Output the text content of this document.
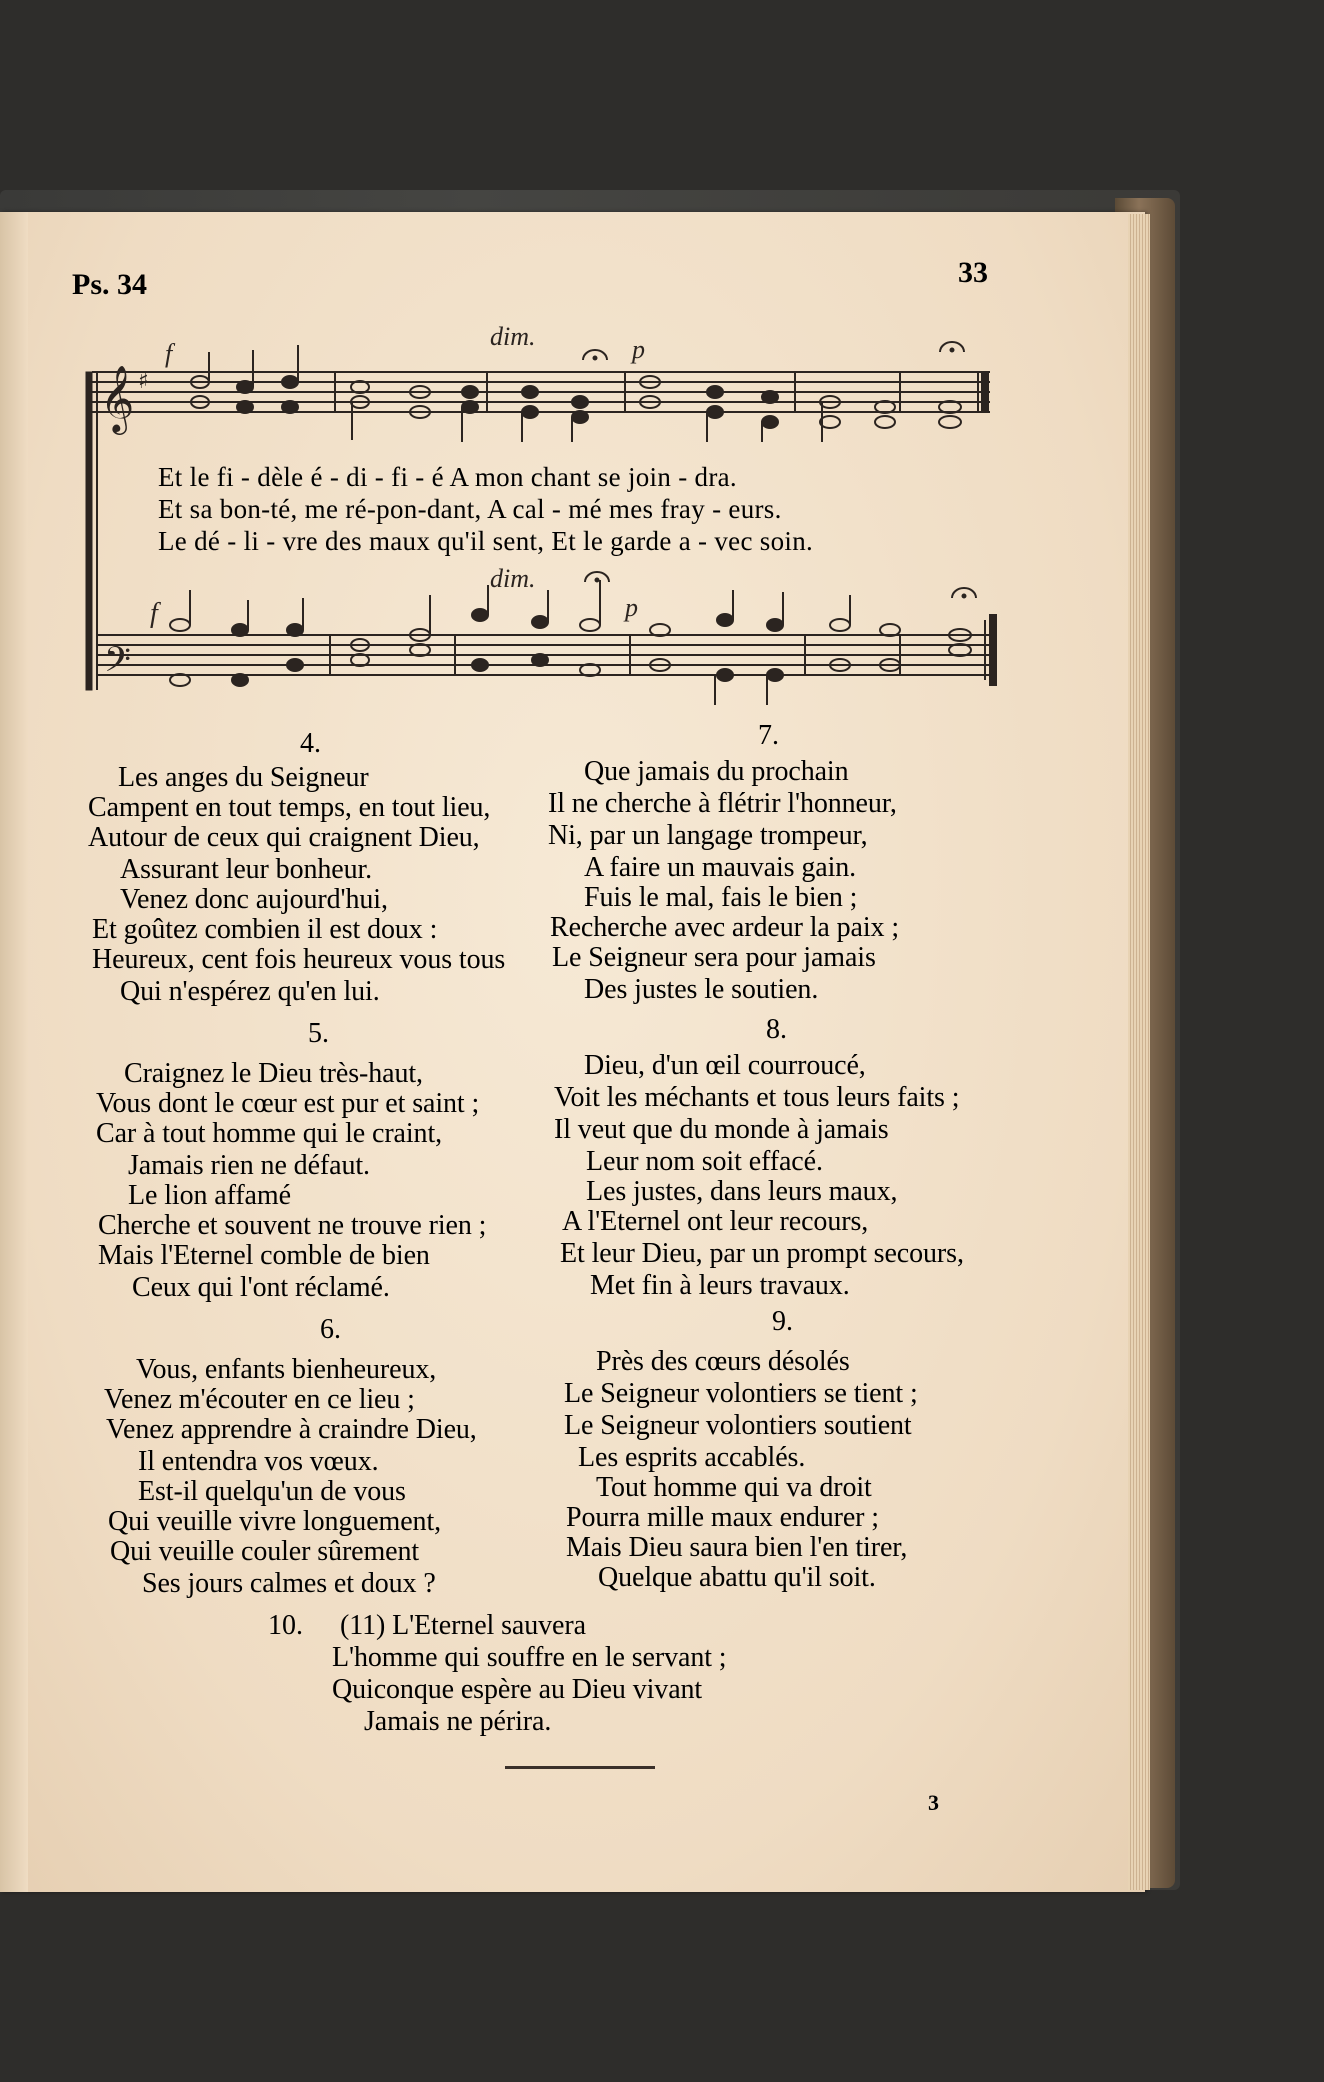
Ps. 34	33
𝄞 ♯
𝄢
f
dim.	p
f
dim.
p
Et le fi - dèle é - di - fi - é A mon chant se join - dra.
Et sa bon-té, me ré-pon-dant, A cal - mé mes fray - eurs.
Le dé - li - vre des maux qu'il sent, Et le garde a - vec soin.
4.
Les anges du Seigneur
Campent en tout temps, en tout lieu,
Autour de ceux qui craignent Dieu,
Assurant leur bonheur.
Venez donc aujourd'hui,
Et goûtez combien il est doux :
Heureux, cent fois heureux vous tous
Qui n'espérez qu'en lui.
5.
Craignez le Dieu très-haut,
Vous dont le cœur est pur et saint ;
Car à tout homme qui le craint,
Jamais rien ne défaut.
Le lion affamé
Cherche et souvent ne trouve rien ;
Mais l'Eternel comble de bien
Ceux qui l'ont réclamé.
6.
Vous, enfants bienheureux,
Venez m'écouter en ce lieu ;
Venez apprendre à craindre Dieu,
Il entendra vos vœux.
Est-il quelqu'un de vous
Qui veuille vivre longuement,
Qui veuille couler sûrement
Ses jours calmes et doux ?
7.
Que jamais du prochain
Il ne cherche à flétrir l'honneur,
Ni, par un langage trompeur,
A faire un mauvais gain.
Fuis le mal, fais le bien ;
Recherche avec ardeur la paix ;
Le Seigneur sera pour jamais
Des justes le soutien.
8.
Dieu, d'un œil courroucé,
Voit les méchants et tous leurs faits ;
Il veut que du monde à jamais
Leur nom soit effacé.
Les justes, dans leurs maux,
A l'Eternel ont leur recours,
Et leur Dieu, par un prompt secours,
Met fin à leurs travaux.
9.
Près des cœurs désolés
Le Seigneur volontiers se tient ;
Le Seigneur volontiers soutient
Les esprits accablés.
Tout homme qui va droit
Pourra mille maux endurer ;
Mais Dieu saura bien l'en tirer,
Quelque abattu qu'il soit.
10. (11) L'Eternel sauvera
L'homme qui souffre en le servant ;
Quiconque espère au Dieu vivant
Jamais ne périra.
3
